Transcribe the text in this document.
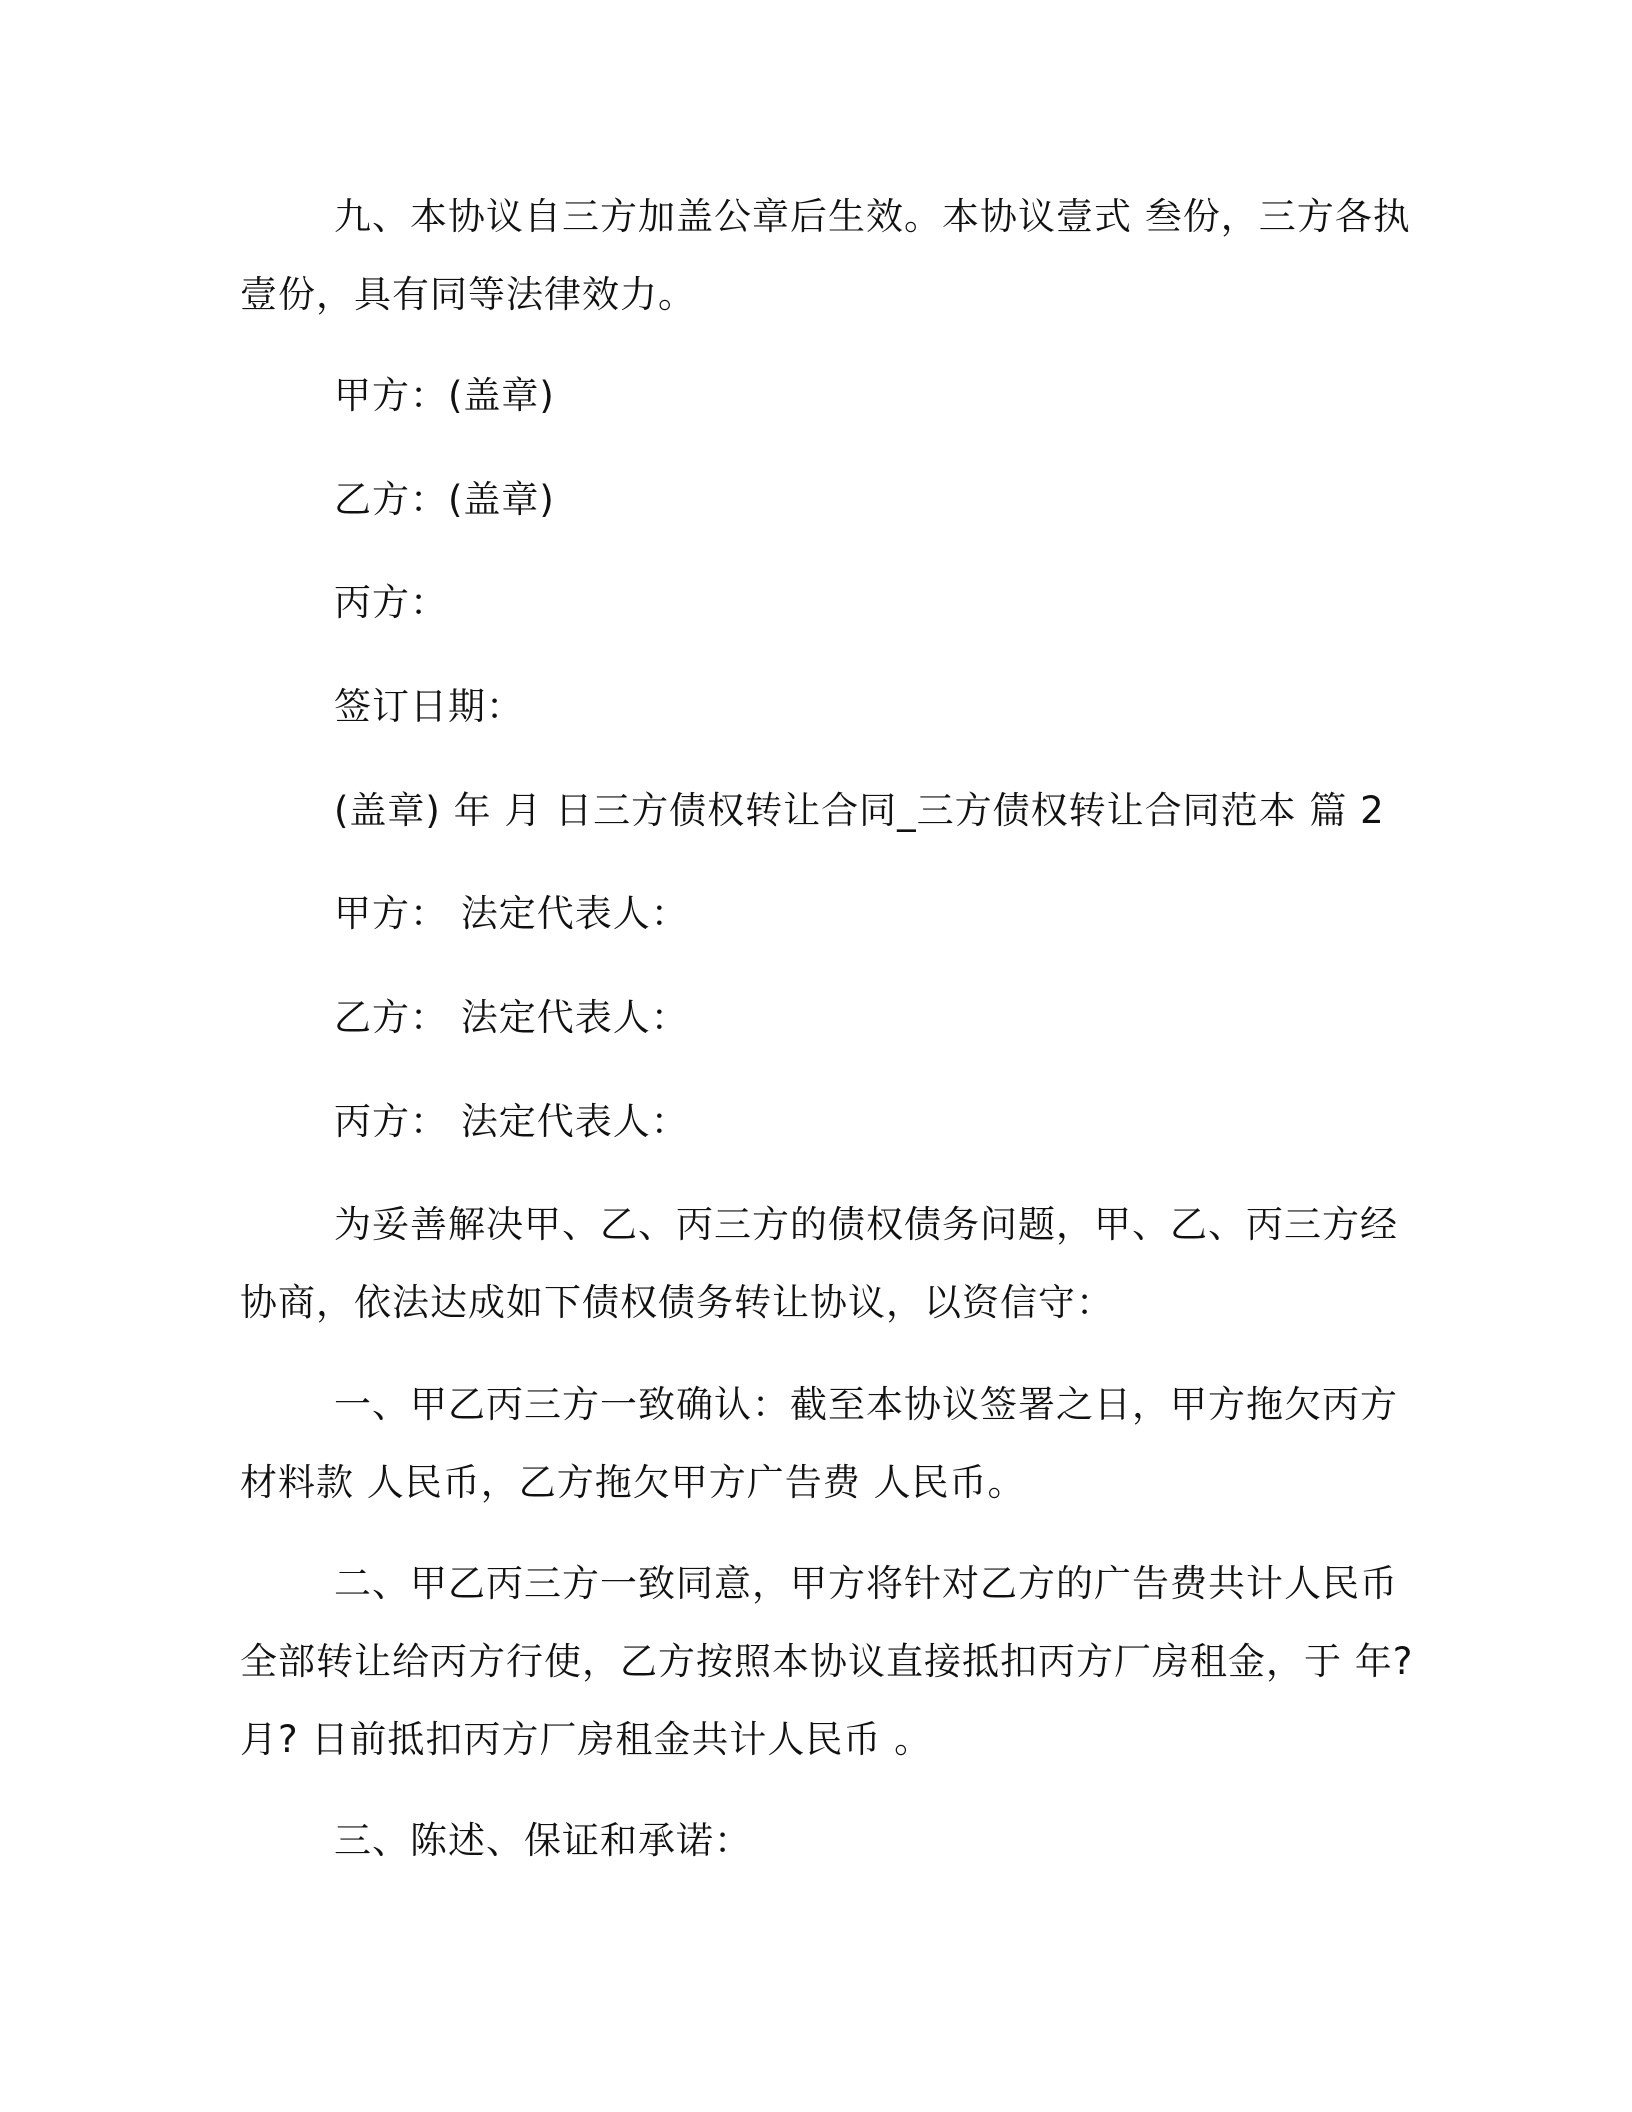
九、本协议自三方加盖公章后生效。本协议壹式 叁份，三方各执
壹份，具有同等法律效力。
甲方：(盖章)
乙方：(盖章)
丙方：
签订日期：
(盖章) 年 月 日三方债权转让合同_三方债权转让合同范本 篇 2
甲方： 法定代表人：
乙方： 法定代表人：
丙方： 法定代表人：
为妥善解决甲、乙、丙三方的债权债务问题，甲、乙、丙三方经
协商，依法达成如下债权债务转让协议，以资信守：
一、甲乙丙三方一致确认：截至本协议签署之日，甲方拖欠丙方
材料款 人民币，乙方拖欠甲方广告费 人民币。
二、甲乙丙三方一致同意，甲方将针对乙方的广告费共计人民币
全部转让给丙方行使，乙方按照本协议直接抵扣丙方厂房租金，于 年?
月? 日前抵扣丙方厂房租金共计人民币 。
三、陈述、保证和承诺：
